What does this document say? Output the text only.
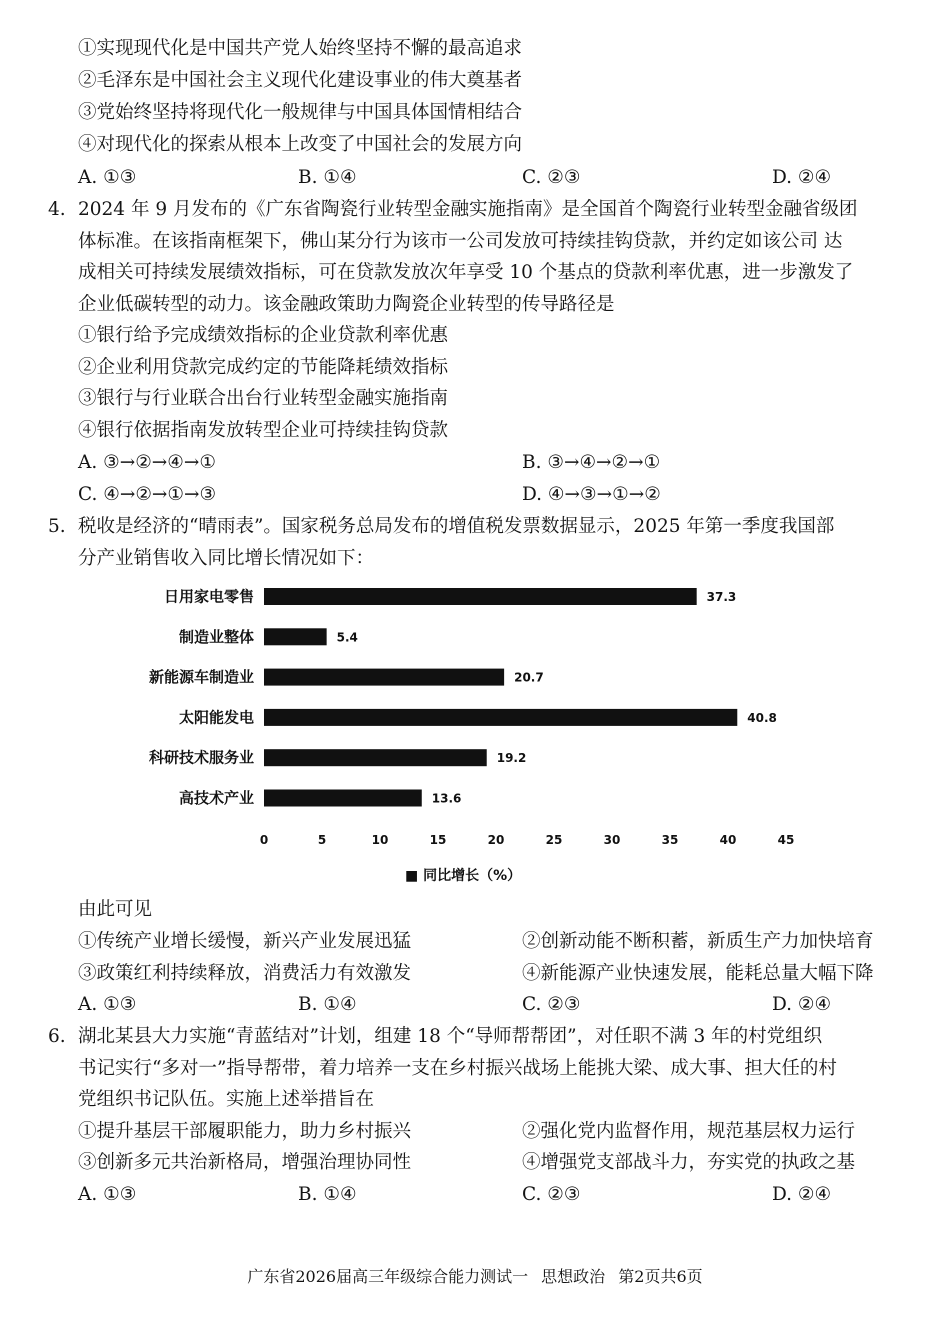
①实现现代化是中国共产党人始终坚持不懈的最高追求
②毛泽东是中国社会主义现代化建设事业的伟大奠基者
③党始终坚持将现代化一般规律与中国具体国情相结合
④对现代化的探索从根本上改变了中国社会的发展方向
A. ①③	B. ①④	C. ②③	D. ②④
4. 2024 年 9 月发布的《广东省陶瓷行业转型金融实施指南》是全国首个陶瓷行业转型金融省级团
体标准。在该指南框架下，佛山某分行为该市一公司发放可持续挂钩贷款，并约定如该公司 达
成相关可持续发展绩效指标，可在贷款发放次年享受 10 个基点的贷款利率优惠，进一步激发了
企业低碳转型的动力。该金融政策助力陶瓷企业转型的传导路径是
①银行给予完成绩效指标的企业贷款利率优惠
②企业利用贷款完成约定的节能降耗绩效指标
③银行与行业联合出台行业转型金融实施指南
④银行依据指南发放转型企业可持续挂钩贷款
A. ③→②→④→①	B. ③→④→②→①
C. ④→②→①→③	D. ④→③→①→②
5. 税收是经济的“晴雨表”。国家税务总局发布的增值税发票数据显示，2025 年第一季度我国部
分产业销售收入同比增长情况如下：
日用家电零售	37.3
制造业整体	5.4
新能源车制造业	20.7
太阳能发电	40.8
科研技术服务业	19.2
高技术产业	13.6
0	5	10	15	20	25	30	35	40	45
■ 同比增长（%）
由此可见
①传统产业增长缓慢，新兴产业发展迅猛	②创新动能不断积蓄，新质生产力加快培育
③政策红利持续释放，消费活力有效激发	④新能源产业快速发展，能耗总量大幅下降
A. ①③	B. ①④	C. ②③	D. ②④
6. 湖北某县大力实施“青蓝结对”计划，组建 18 个“导师帮帮团”，对任职不满 3 年的村党组织
书记实行“多对一”指导帮带，着力培养一支在乡村振兴战场上能挑大梁、成大事、担大任的村
党组织书记队伍。实施上述举措旨在
①提升基层干部履职能力，助力乡村振兴	②强化党内监督作用，规范基层权力运行
③创新多元共治新格局，增强治理协同性	④增强党支部战斗力，夯实党的执政之基
A. ①③	B. ①④	C. ②③	D. ②④
广东省2026届高三年级综合能力测试一 思想政治 第2页共6页
